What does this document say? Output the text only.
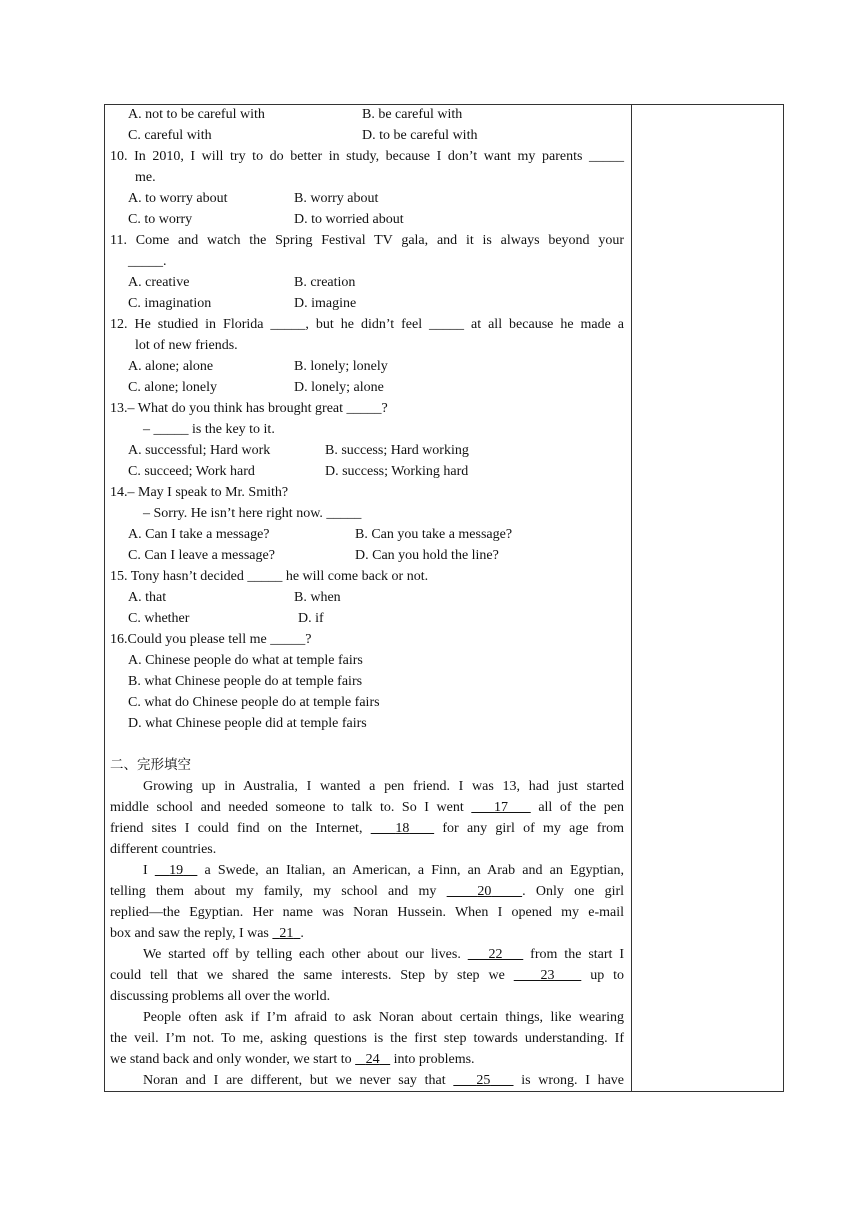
A. not to be careful with	B. be careful with
C. careful with	D. to be careful with
10. In 2010, I will try to do better in study, because I don’t want my parents _____
me.
A. to worry about	B. worry about
C. to worry	D. to worried about
11. Come and watch the Spring Festival TV gala, and it is always beyond your
_____.
A. creative	B. creation
C. imagination	D. imagine
12. He studied in Florida _____, but he didn’t feel _____ at all because he made a
lot of new friends.
A. alone; alone	B. lonely; lonely
C. alone; lonely	D. lonely; alone
13.– What do you think has brought great _____?
– _____ is the key to it.
A. successful; Hard work	B. success; Hard working
C. succeed; Work hard	D. success; Working hard
14.– May I speak to Mr. Smith?
– Sorry. He isn’t here right now. _____
A. Can I take a message?	B. Can you take a message?
C. Can I leave a message?	D. Can you hold the line?
15. Tony hasn’t decided _____ he will come back or not.
A. that	B. when
C. whether	D. if
16.Could you please tell me _____?
A. Chinese people do what at temple fairs
B. what Chinese people do at temple fairs
C. what do Chinese people do at temple fairs
D. what Chinese people did at temple fairs
二、完形填空
Growing up in Australia, I wanted a pen friend. I was 13, had just started
middle school and needed someone to talk to. So I went 17 all of the pen
friend sites I could find on the Internet, 18 for any girl of my age from
different countries.
I 19 a Swede, an Italian, an American, a Finn, an Arab and an Egyptian,
telling them about my family, my school and my	20 . Only one girl
replied—the Egyptian. Her name was Noran Hussein. When I opened my e-mail
box and saw the reply, I was 21 .
We started off by telling each other about our lives. 22 from the start I
could tell that we shared the same interests. Step by step we	23	up to
discussing problems all over the world.
People often ask if I’m afraid to ask Noran about certain things, like wearing
the veil. I’m not. To me, asking questions is the first step towards understanding. If
we stand back and only wonder, we start to 24 into problems.
Noran and I are different, but we never say that 25 is wrong. I have
